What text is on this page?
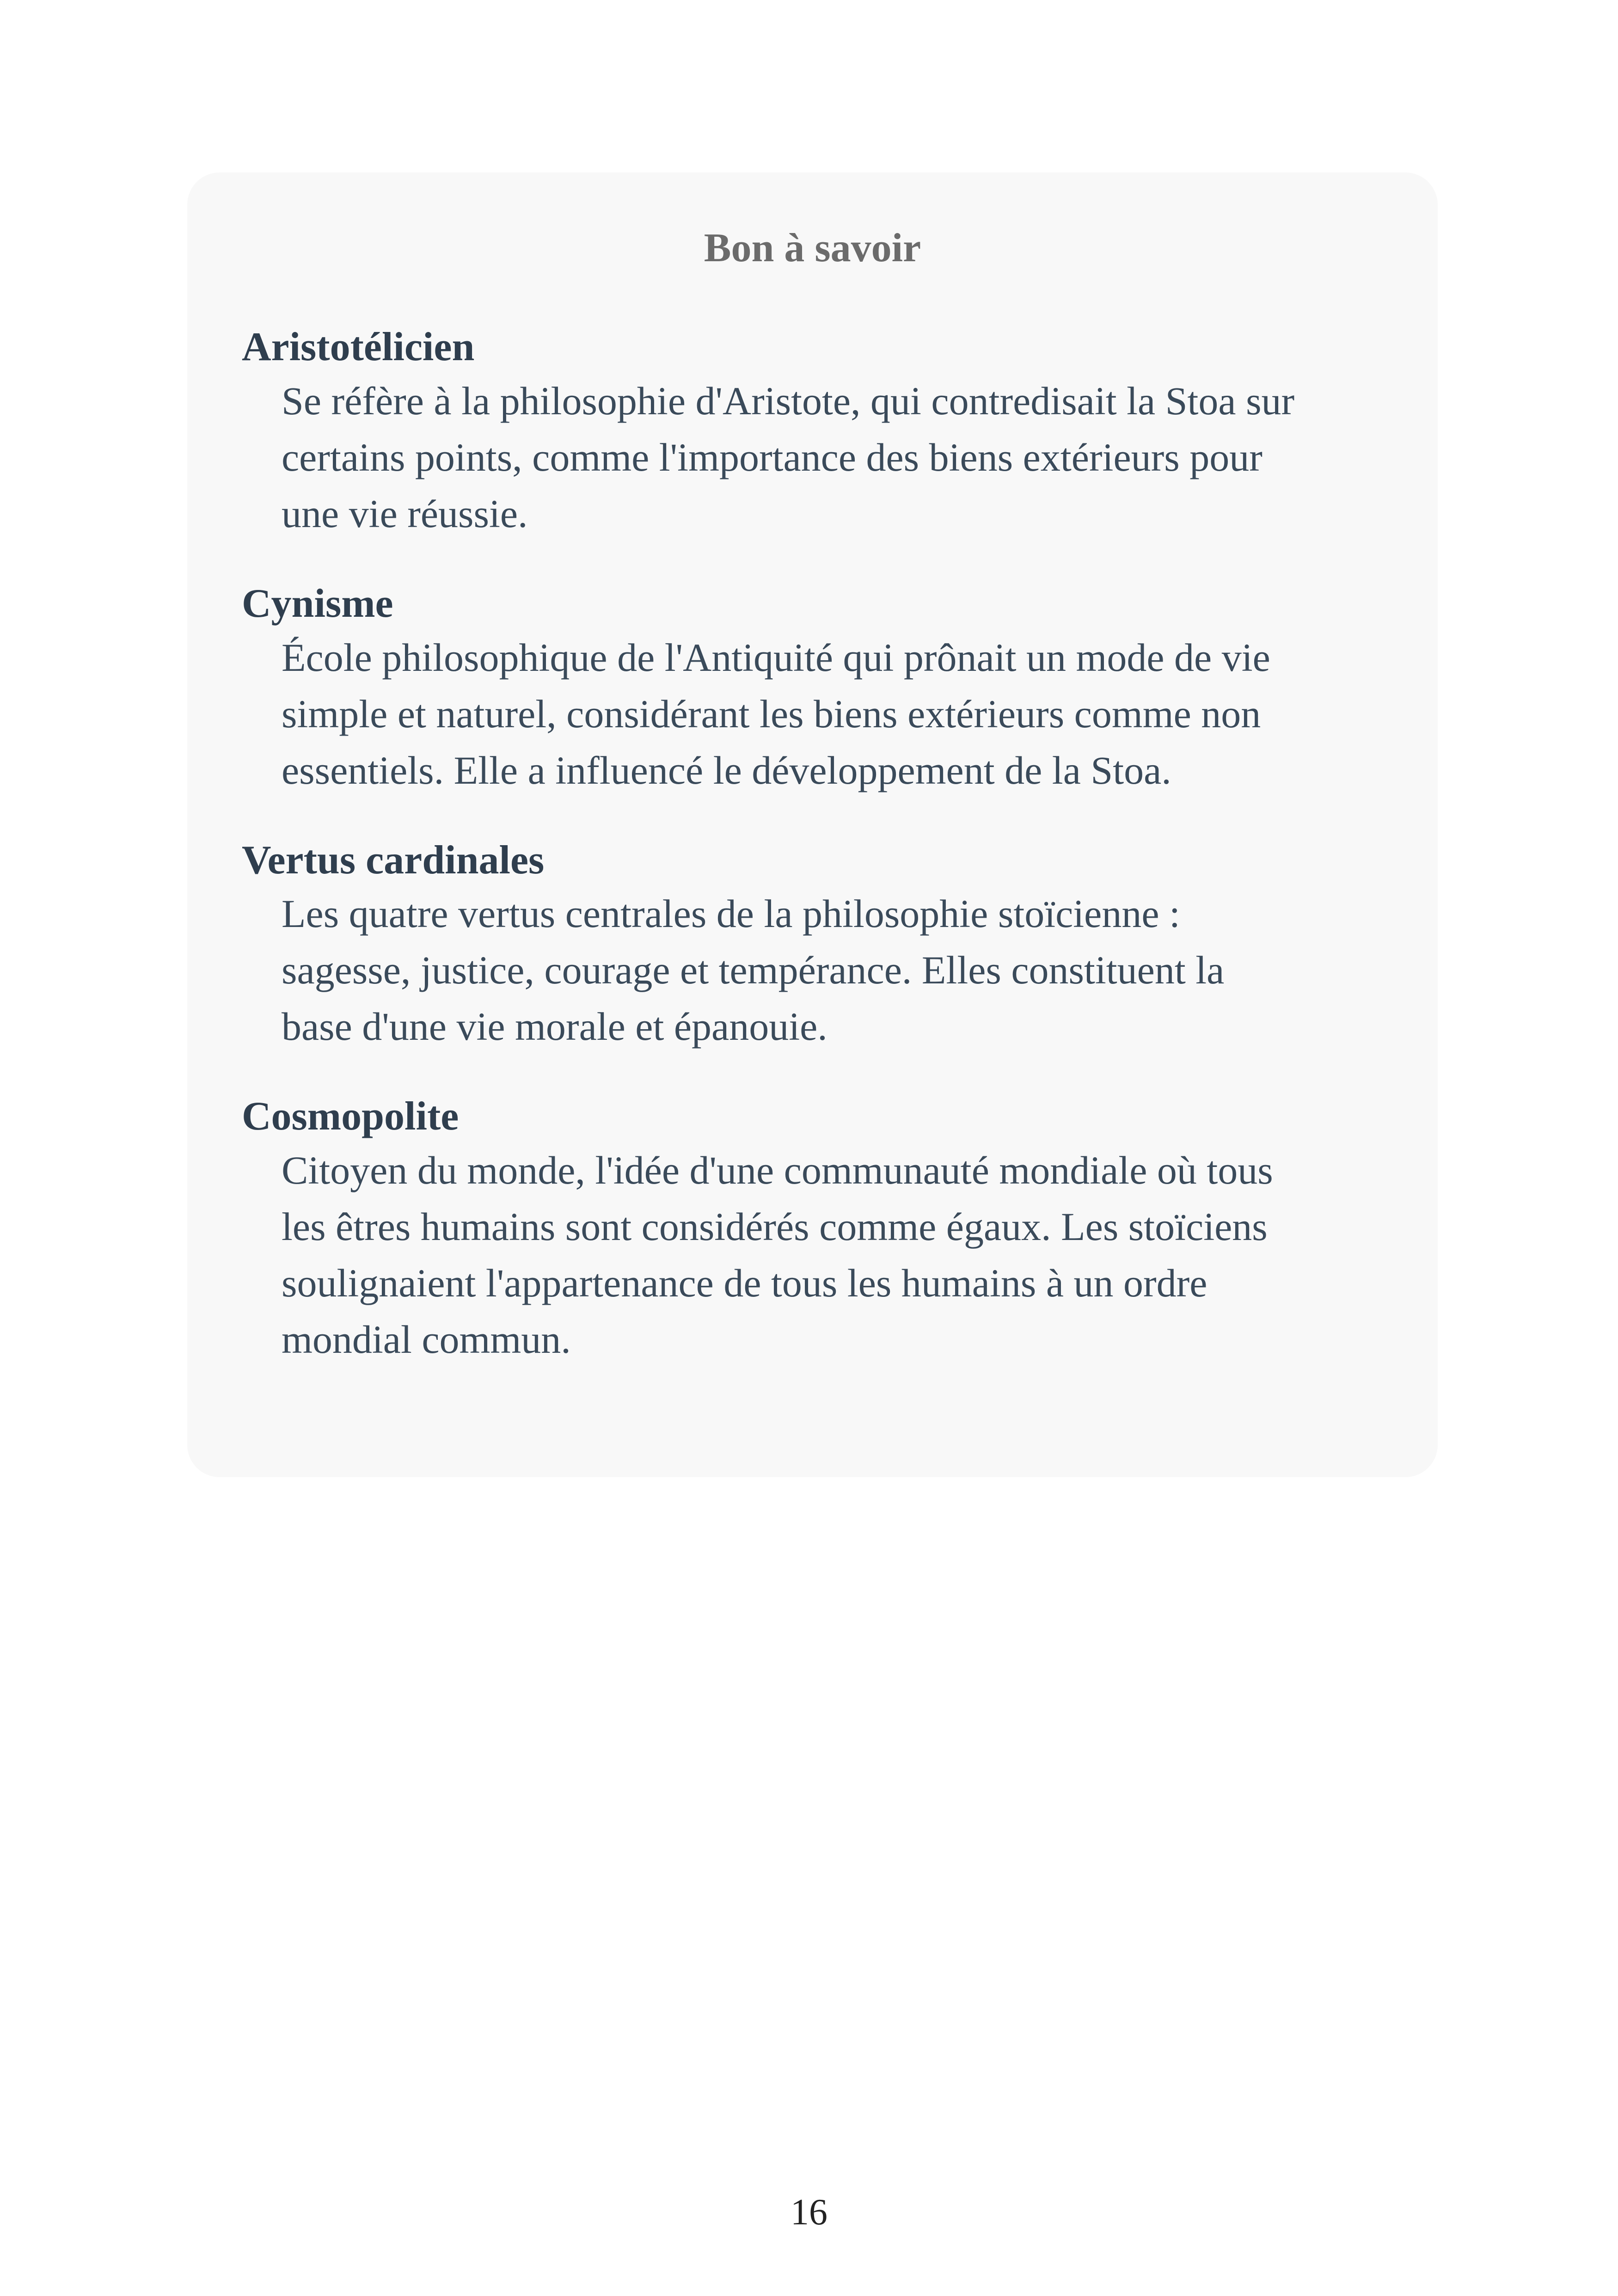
Bon à savoir
Aristotélicien
Se réfère à la philosophie d'Aristote, qui contredisait la Stoa sur
certains points, comme l'importance des biens extérieurs pour
une vie réussie.
Cynisme
École philosophique de l'Antiquité qui prônait un mode de vie
simple et naturel, considérant les biens extérieurs comme non
essentiels. Elle a influencé le développement de la Stoa.
Vertus cardinales
Les quatre vertus centrales de la philosophie stoïcienne :
sagesse, justice, courage et tempérance. Elles constituent la
base d'une vie morale et épanouie.
Cosmopolite
Citoyen du monde, l'idée d'une communauté mondiale où tous
les êtres humains sont considérés comme égaux. Les stoïciens
soulignaient l'appartenance de tous les humains à un ordre
mondial commun.
16
